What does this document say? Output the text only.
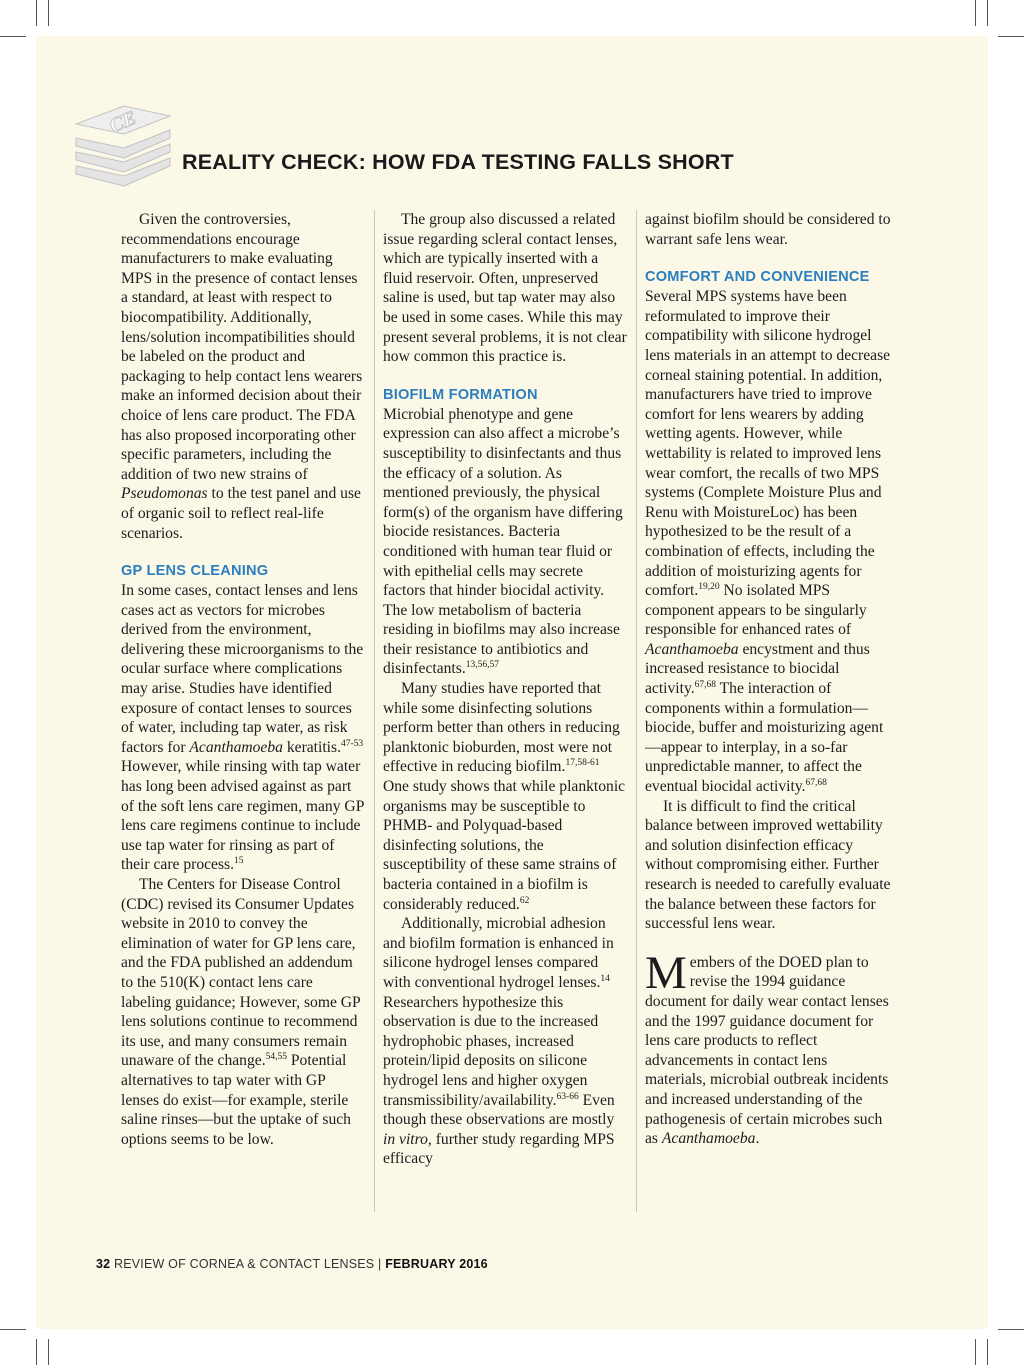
CE
REALITY CHECK: HOW FDA TESTING FALLS SHORT

Given the controversies, recommendations encourage manufacturers to make evaluating MPS in the presence of contact lenses a standard, at least with respect to biocompatibility. Additionally, lens/solution incompatibilities should be labeled on the product and packaging to help contact lens wearers make an informed decision about their choice of lens care product. The FDA has also proposed incorporating other specific parameters, including the addition of two new strains of Pseudomonas to the test panel and use of organic soil to reflect real-life scenarios.

GP LENS CLEANING

In some cases, contact lenses and lens cases act as vectors for microbes derived from the environment, delivering these microorganisms to the ocular surface where complications may arise. Studies have identified exposure of contact lenses to sources of water, including tap water, as risk factors for Acanthamoeba keratitis.$^{47-53}$ However, while rinsing with tap water has long been advised against as part of the soft lens care regimen, many GP lens care regimens continue to include use tap water for rinsing as part of their care process.$^{15}$

The Centers for Disease Control (CDC) revised its Consumer Updates website in 2010 to convey the elimination of water for GP lens care, and the FDA published an addendum to the 510(K) contact lens care labeling guidance; However, some GP lens solutions continue to recommend its use, and many consumers remain unaware of the change.$^{54,55}$ Potential alternatives to tap water with GP lenses do exist—for example, sterile saline rinses—but the uptake of such options seems to be low.

The group also discussed a related issue regarding scleral contact lenses, which are typically inserted with a fluid reservoir. Often, unpreserved saline is used, but tap water may also be used in some cases. While this may present several problems, it is not clear how common this practice is.

BIOFILM FORMATION

Microbial phenotype and gene expression can also affect a microbe’s susceptibility to disinfectants and thus the efficacy of a solution. As mentioned previously, the physical form(s) of the organism have differing biocide resistances. Bacteria conditioned with human tear fluid or with epithelial cells may secrete factors that hinder biocidal activity. The low metabolism of bacteria residing in biofilms may also increase their resistance to antibiotics and disinfectants.$^{13,56,57}$

Many studies have reported that while some disinfecting solutions perform better than others in reducing planktonic bioburden, most were not effective in reducing biofilm.$^{17,58-61}$ One study shows that while planktonic organisms may be susceptible to PHMB- and Polyquad-based disinfecting solutions, the susceptibility of these same strains of bacteria contained in a biofilm is considerably reduced.$^{62}$

Additionally, microbial adhesion and biofilm formation is enhanced in silicone hydrogel lenses compared with conventional hydrogel lenses.$^{14}$ Researchers hypothesize this observation is due to the increased hydrophobic phases, increased protein/lipid deposits on silicone hydrogel lens and higher oxygen transmissibility/availability.$^{63-66}$ Even though these observations are mostly in vitro, further study regarding MPS efficacy

against biofilm should be considered to warrant safe lens wear.

COMFORT AND CONVENIENCE

Several MPS systems have been reformulated to improve their compatibility with silicone hydrogel lens materials in an attempt to decrease corneal staining potential. In addition, manufacturers have tried to improve comfort for lens wearers by adding wetting agents. However, while wettability is related to improved lens wear comfort, the recalls of two MPS systems (Complete Moisture Plus and Renu with MoistureLoc) has been hypothesized to be the result of a combination of effects, including the addition of moisturizing agents for comfort.$^{19,20}$ No isolated MPS component appears to be singularly responsible for enhanced rates of Acanthamoeba encystment and thus increased resistance to biocidal activity.$^{67,68}$ The interaction of components within a formulation—biocide, buffer and moisturizing agent—appear to interplay, in a so-far unpredictable manner, to affect the eventual biocidal activity.$^{67,68}$

It is difficult to find the critical balance between improved wettability and solution disinfection efficacy without compromising either. Further research is needed to carefully evaluate the balance between these factors for successful lens wear.

Members of the DOED plan to revise the 1994 guidance document for daily wear contact lenses and the 1997 guidance document for lens care products to reflect advancements in contact lens materials, microbial outbreak incidents and increased understanding of the pathogenesis of certain microbes such as Acanthamoeba.

32 REVIEW OF CORNEA & CONTACT LENSES | FEBRUARY 2016
